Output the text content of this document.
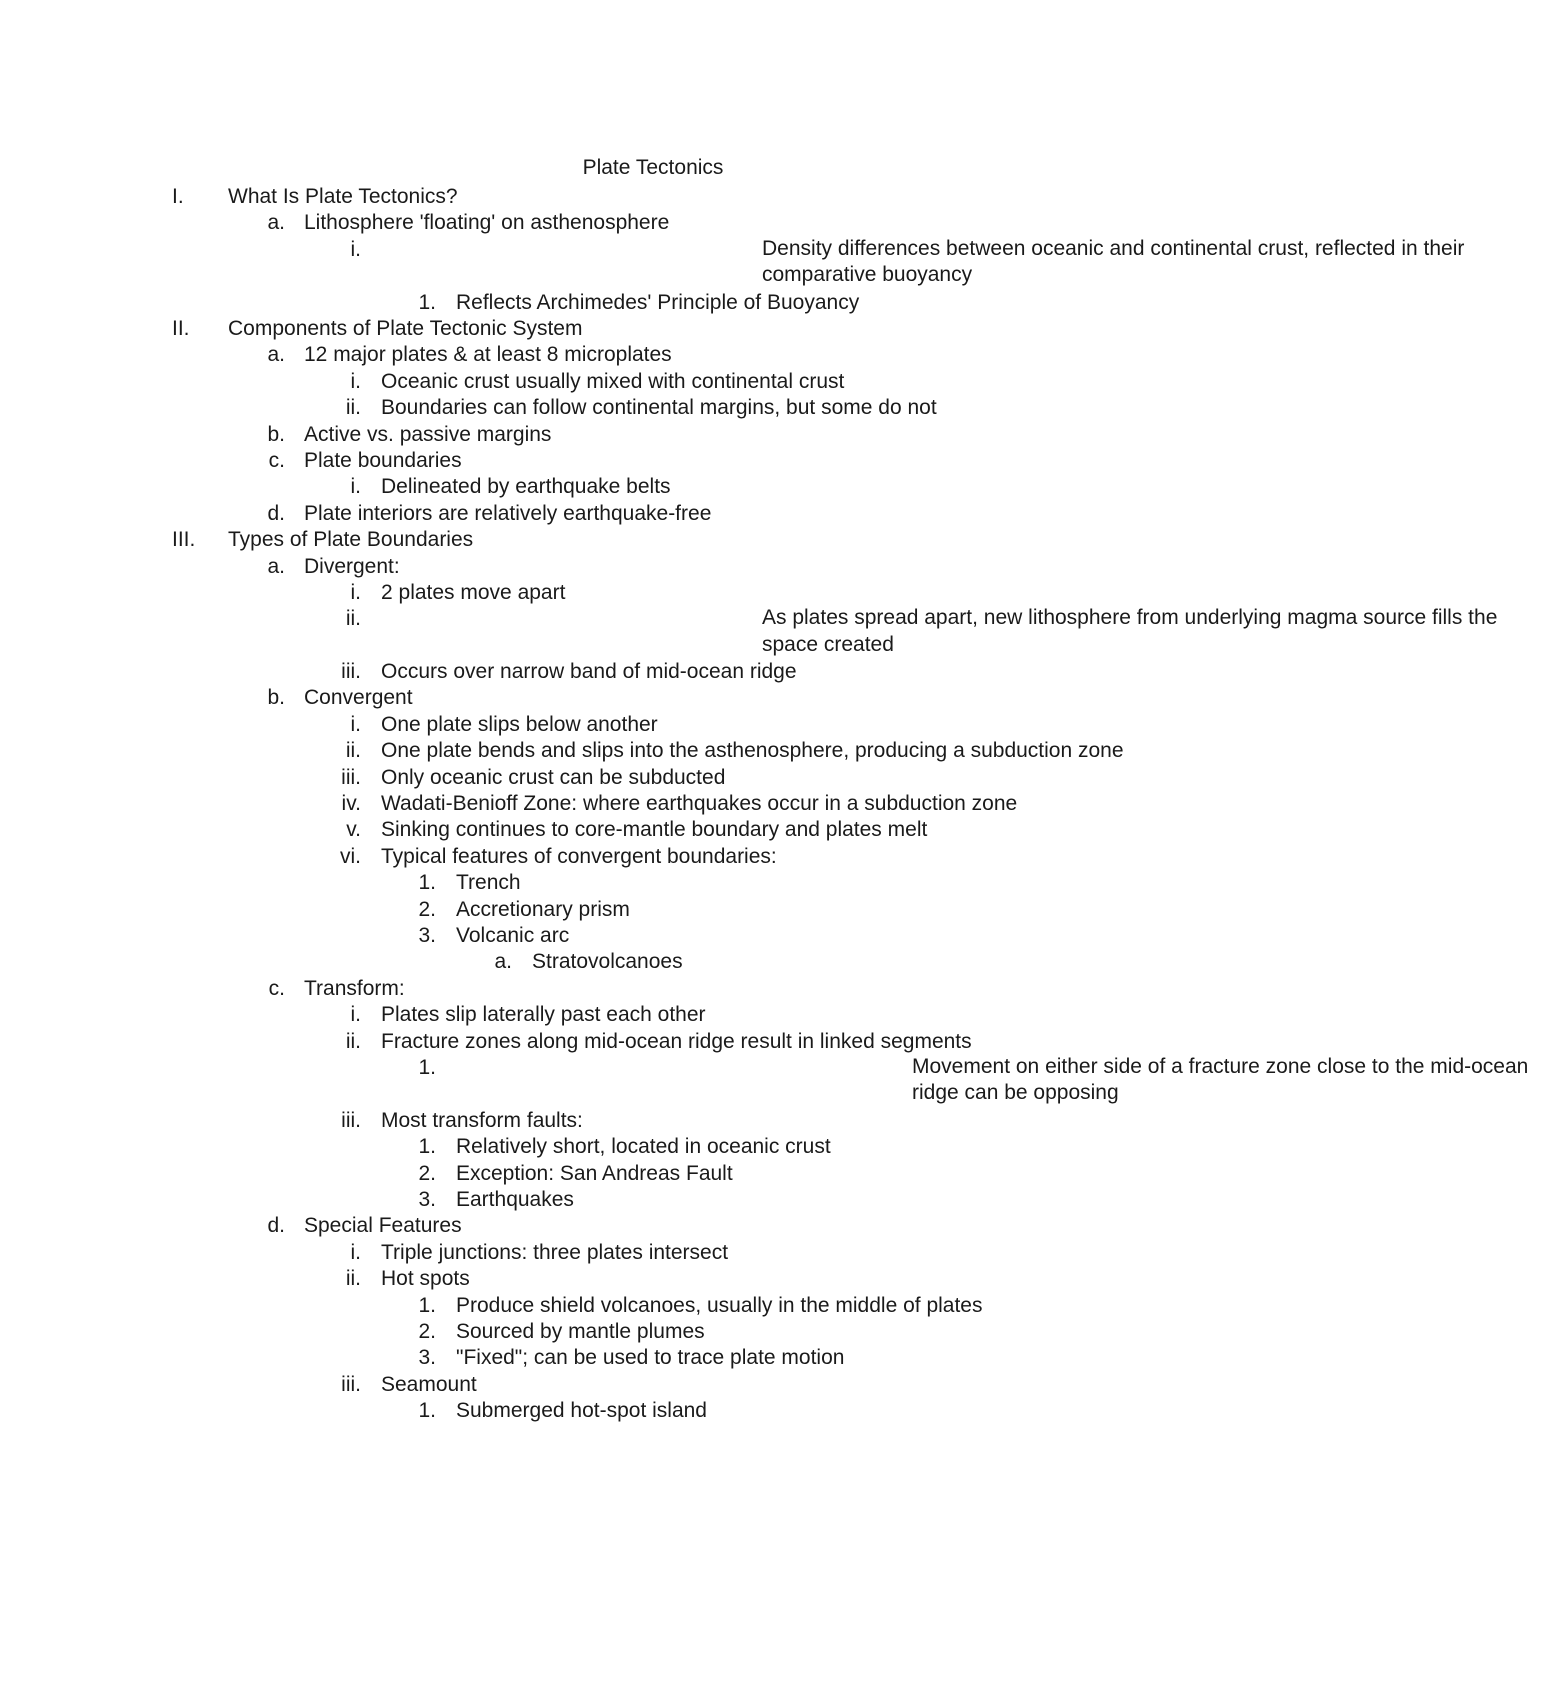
Plate Tectonics
I.	What Is Plate Tectonics?
a. Lithosphere 'floating' on asthenosphere
i.	Density differences between oceanic and continental crust, reflected in their comparative buoyancy
1. Reflects Archimedes' Principle of Buoyancy
II.	Components of Plate Tectonic System
a. 12 major plates & at least 8 microplates
i. Oceanic crust usually mixed with continental crust
ii. Boundaries can follow continental margins, but some do not
b. Active vs. passive margins
c. Plate boundaries
i. Delineated by earthquake belts
d. Plate interiors are relatively earthquake-free
III.	Types of Plate Boundaries
a. Divergent:
i. 2 plates move apart
ii.	As plates spread apart, new lithosphere from underlying magma source fills the space created
iii. Occurs over narrow band of mid-ocean ridge
b. Convergent
i. One plate slips below another
ii. One plate bends and slips into the asthenosphere, producing a subduction zone
iii. Only oceanic crust can be subducted
iv. Wadati-Benioff Zone: where earthquakes occur in a subduction zone
v. Sinking continues to core-mantle boundary and plates melt
vi. Typical features of convergent boundaries:
1. Trench
2. Accretionary prism
3. Volcanic arc
a. Stratovolcanoes
c. Transform:
i. Plates slip laterally past each other
ii. Fracture zones along mid-ocean ridge result in linked segments
1.	Movement on either side of a fracture zone close to the mid-ocean ridge can be opposing
iii. Most transform faults:
1. Relatively short, located in oceanic crust
2. Exception: San Andreas Fault
3. Earthquakes
d. Special Features
i. Triple junctions: three plates intersect
ii. Hot spots
1. Produce shield volcanoes, usually in the middle of plates
2. Sourced by mantle plumes
3. "Fixed"; can be used to trace plate motion
iii. Seamount
1. Submerged hot-spot island
